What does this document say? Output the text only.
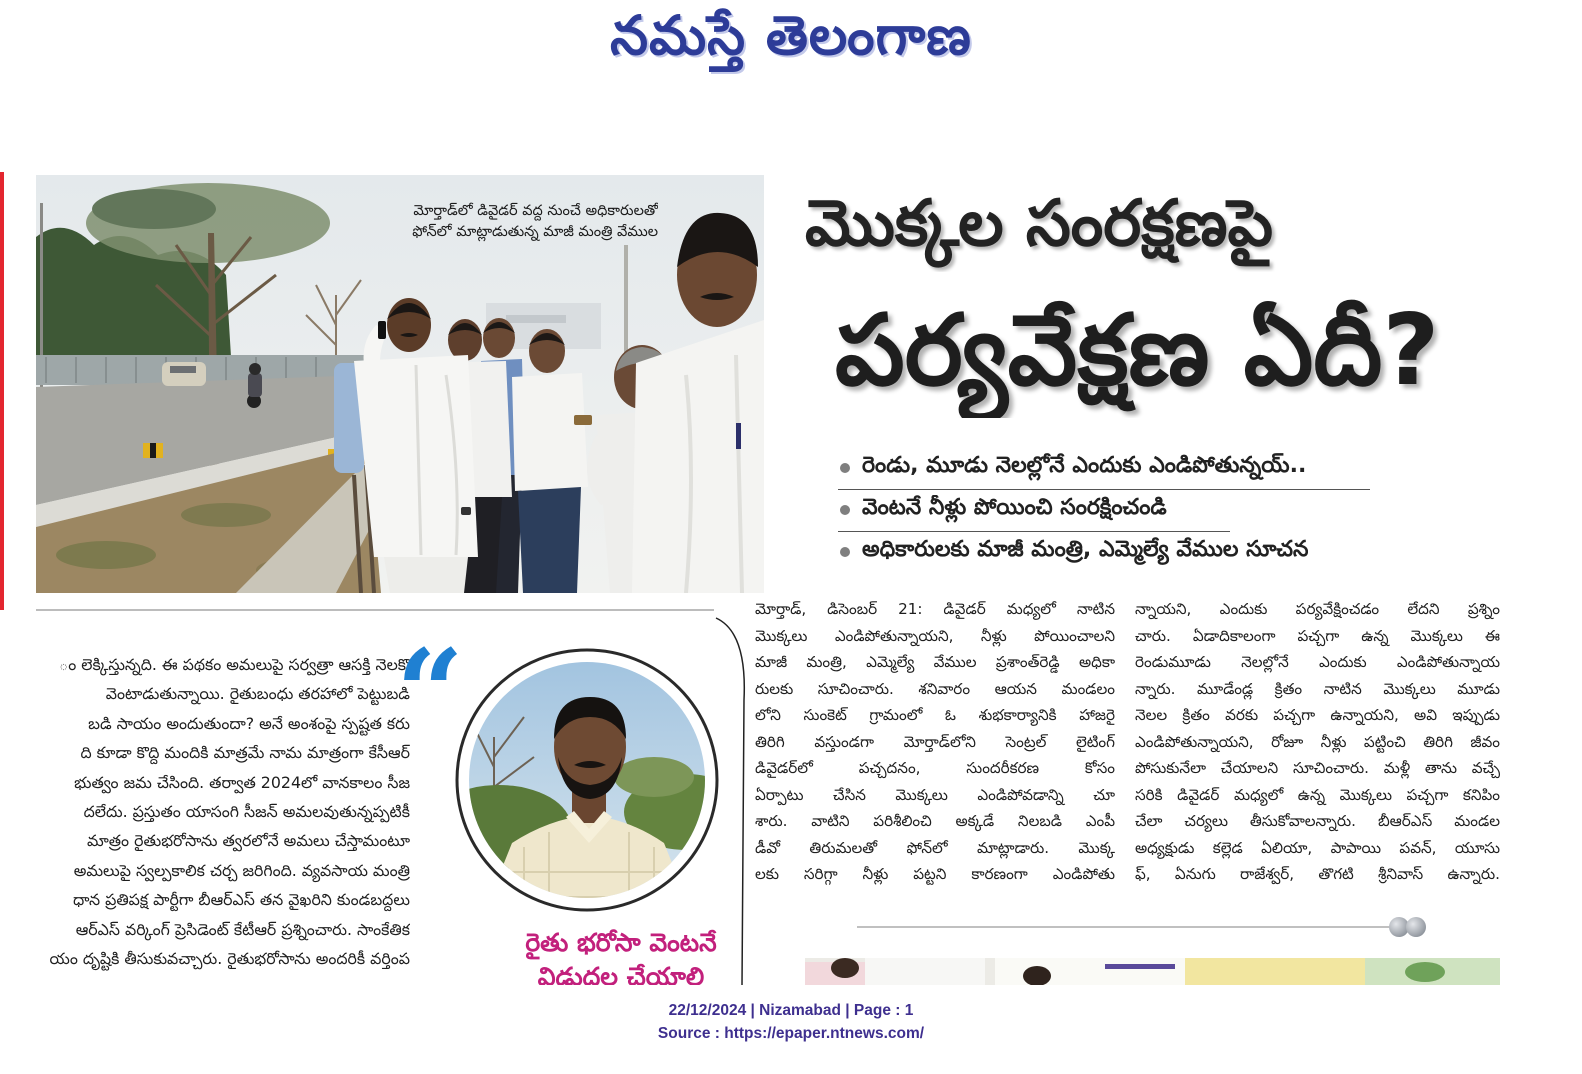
నమస్తే తెలంగాణ
మోర్తాడ్‌లో డివైడర్ వద్ద నుంచే అధికారులతో
ఫోన్‌లో మాట్లాడుతున్న మాజీ మంత్రి వేముల మొక్కల సంరక్షణపై
పర్యవేక్షణ ఏదీ?
రెండు, మూడు నెలల్లోనే ఎందుకు ఎండిపోతున్నయ్..
వెంటనే నీళ్లు పోయించి సంరక్షించండి
అధికారులకు మాజీ మంత్రి, ఎమ్మెల్యే వేముల సూచన
మోర్తాడ్, డిసెంబర్ 21: డివైడర్ మధ్యలో నాటిన
మొక్కలు ఎండిపోతున్నాయని, నీళ్లు పోయించాలని
మాజీ మంత్రి, ఎమ్మెల్యే వేముల ప్రశాంత్‌రెడ్డి అధికా
రులకు సూచించారు. శనివారం ఆయన మండలం
లోని సుంకెట్ గ్రామంలో ఓ శుభకార్యానికి హాజరై
తిరిగి వస్తుండగా మోర్తాడ్‌లోని సెంట్రల్ లైటింగ్
డివైడర్‌లో పచ్చదనం, సుందరీకరణ కోసం
ఏర్పాటు చేసిన మొక్కలు ఎండిపోవడాన్ని చూ
శారు. వాటిని పరిశీలించి అక్కడే నిలబడి ఎంపీ
డీవో తిరుమలతో ఫోన్‌లో మాట్లాడారు. మొక్క
లకు సరిగ్గా నీళ్లు పట్టని కారణంగా ఎండిపోతు
న్నాయని, ఎందుకు పర్యవేక్షించడం లేదని ప్రశ్నిం
చారు. ఏడాదికాలంగా పచ్చగా ఉన్న మొక్కలు ఈ
రెండుమూడు నెలల్లోనే ఎందుకు ఎండిపోతున్నాయ
న్నారు. మూడేండ్ల క్రితం నాటిన మొక్కలు మూడు
నెలల క్రితం వరకు పచ్చగా ఉన్నాయని, అవి ఇప్పుడు
ఎండిపోతున్నాయని, రోజూ నీళ్లు పట్టించి తిరిగి జీవం
పోసుకునేలా చేయాలని సూచించారు. మళ్లీ తాను వచ్చే
సరికి డివైడర్ మధ్యలో ఉన్న మొక్కలు పచ్చగా కనిపిం
చేలా చర్యలు తీసుకోవాలన్నారు. బీఆర్ఎస్ మండల
అధ్యక్షుడు కల్లెడ ఏలియా, పాపాయి పవన్, యూసు
ఫ్, ఏనుగు రాజేశ్వర్, తొగటి శ్రీనివాస్ ఉన్నారు.
ం లెక్కిస్తున్నది. ఈ పథకం అమలుపై సర్వత్రా ఆసక్తి నెలకొ
వెంటాడుతున్నాయి. రైతుబంధు తరహాలో పెట్టుబడి
బడి సాయం అందుతుందా? అనే అంశంపై స్పష్టత కరు
ది కూడా కొద్ది మందికి మాత్రమే నామ మాత్రంగా కేసీఆర్
భుత్వం జమ చేసింది. తర్వాత 2024లో వానకాలం సీజ
దలేదు. ప్రస్తుతం యాసంగి సీజన్ అమలవుతున్నప్పటికీ
మాత్రం రైతుభరోసాను త్వరలోనే అమలు చేస్తామంటూ
అమలుపై స్వల్పకాలిక చర్చ జరిగింది. వ్యవసాయ మంత్రి
ధాన ప్రతిపక్ష పార్టీగా బీఆర్ఎస్ తన వైఖరిని కుండబద్దలు
ఆర్ఎస్ వర్కింగ్ ప్రెసిడెంట్ కేటీఆర్ ప్రశ్నించారు. సాంకేతిక
యం దృష్టికి తీసుకువచ్చారు. రైతుభరోసాను అందరికీ వర్తింప
“
రైతు భరోసా వెంటనే
విడుదల చేయాలి
22/12/2024 | Nizamabad | Page : 1
Source : https://epaper.ntnews.com/
